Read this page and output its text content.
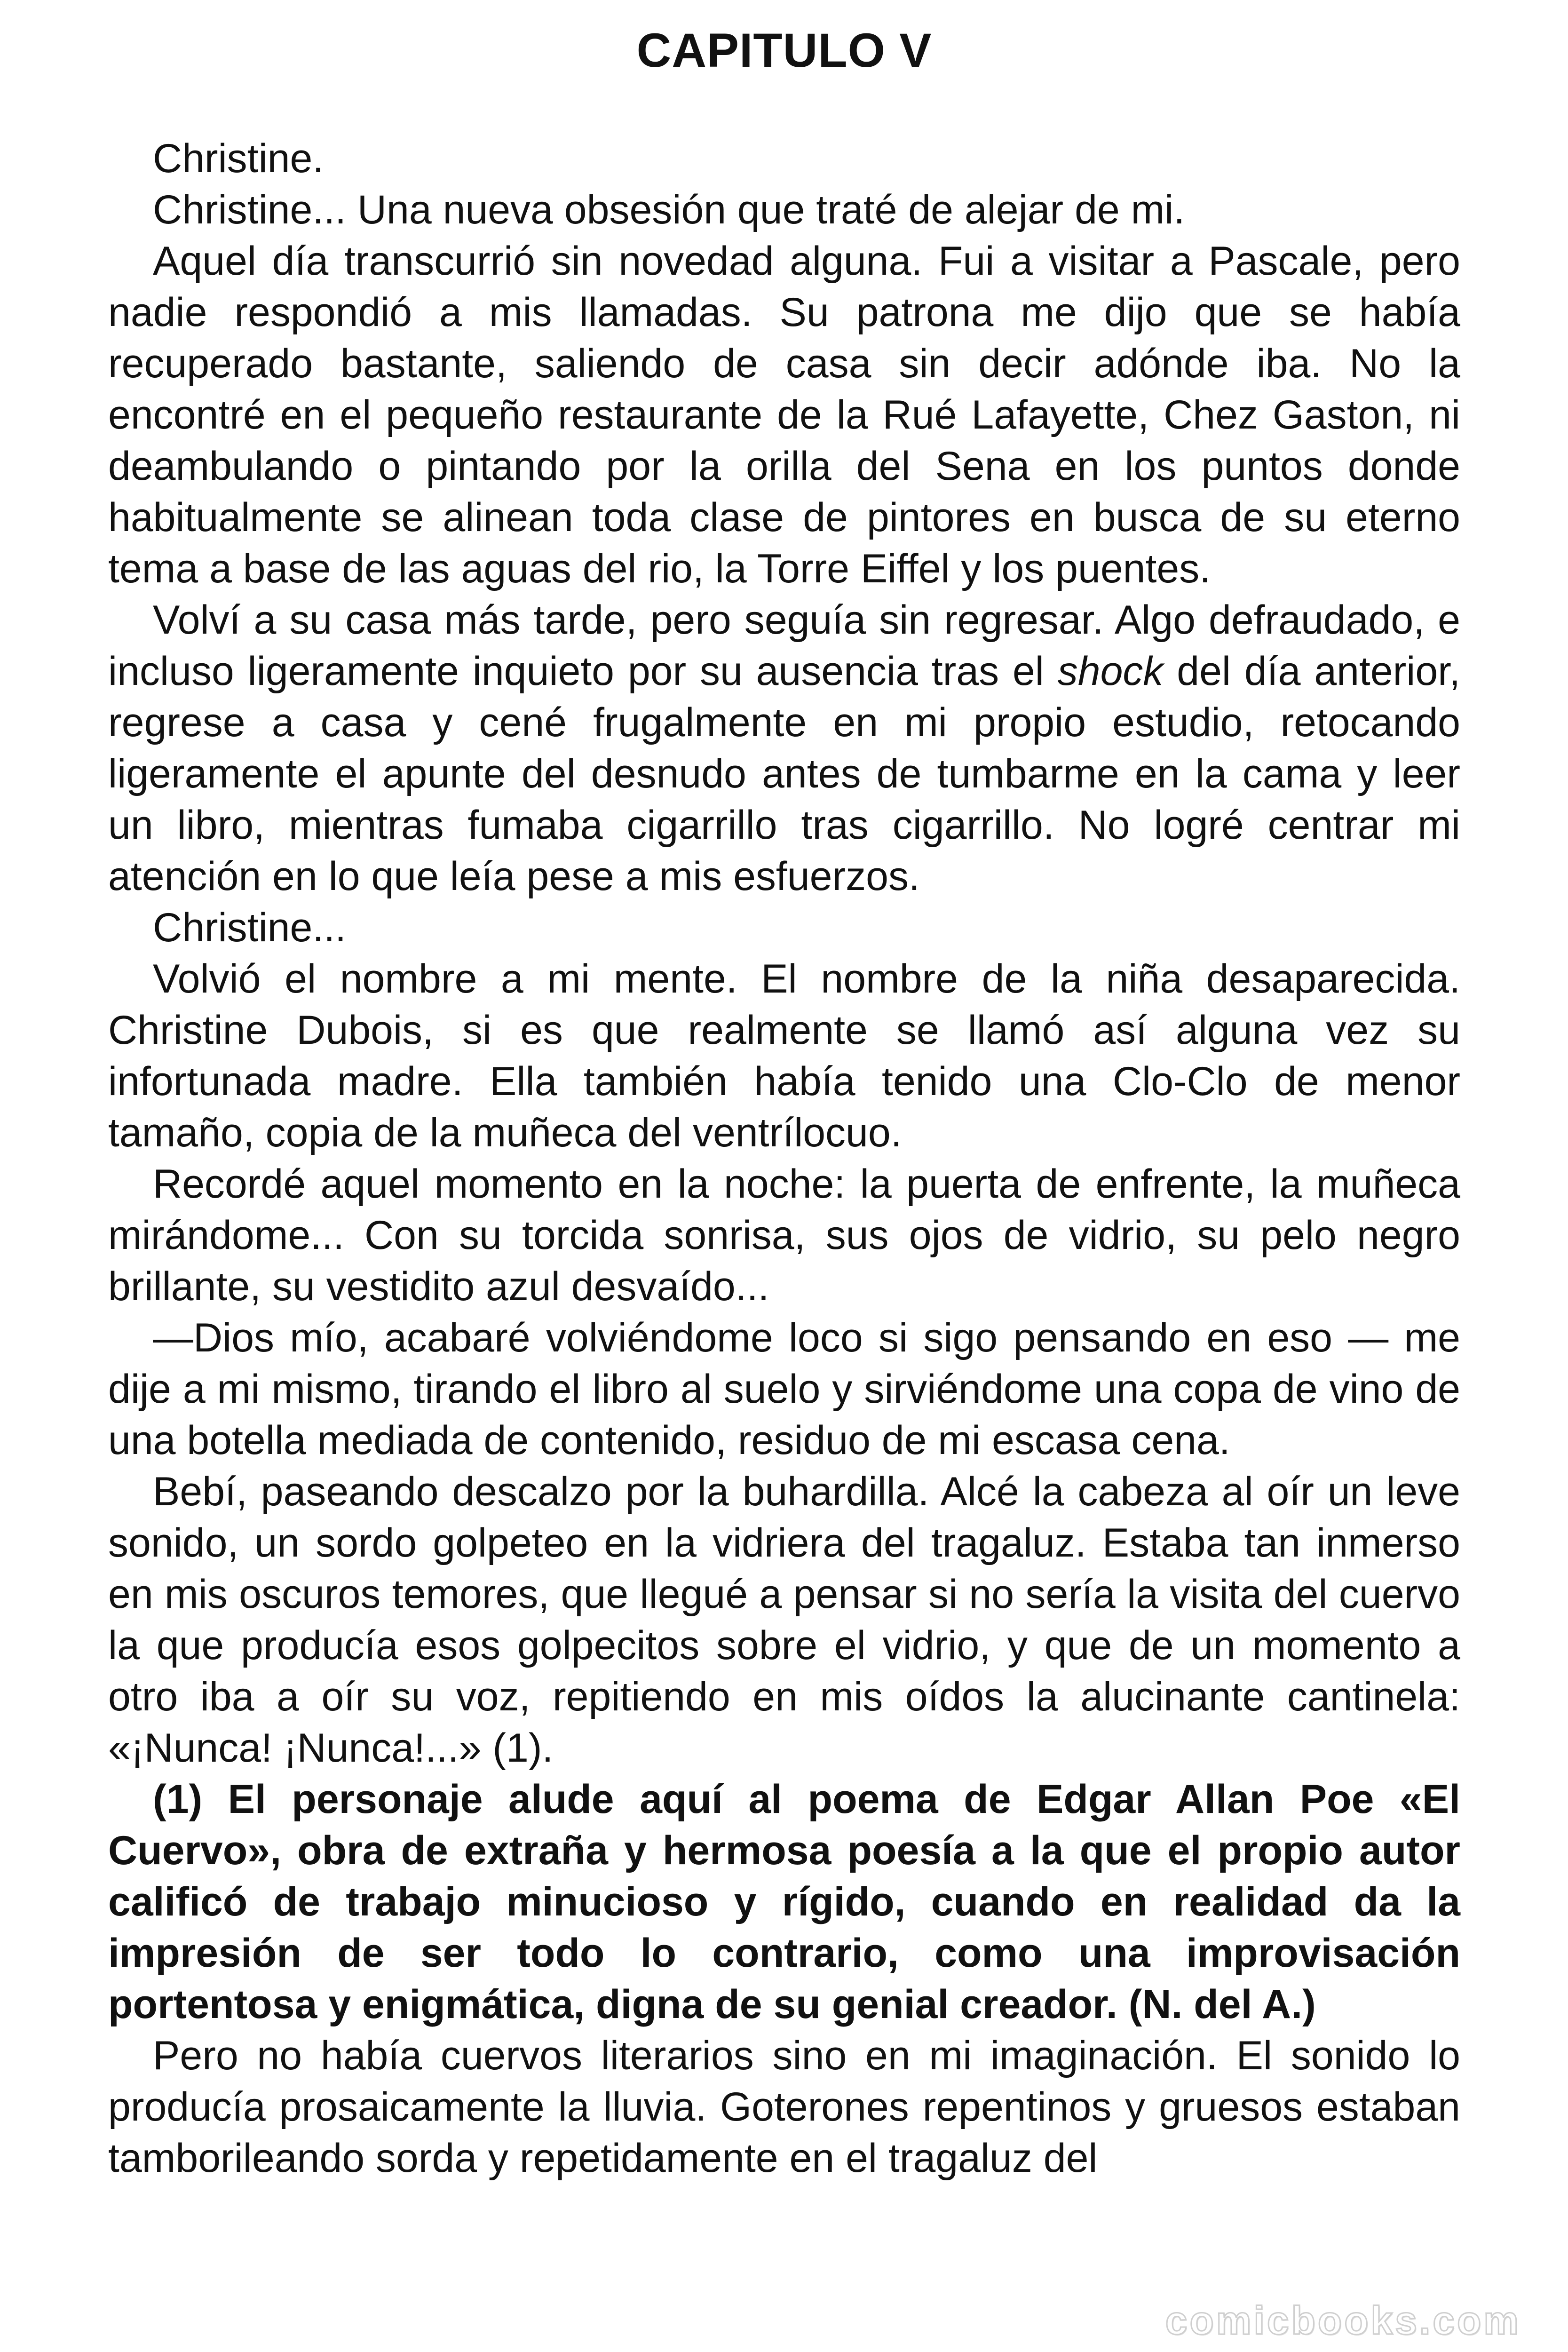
CAPITULO V

Christine.

Christine... Una nueva obsesión que traté de alejar de mi.

Aquel día transcurrió sin novedad alguna. Fui a visitar a Pascale, pero nadie respondió a mis llamadas. Su patrona me dijo que se había recuperado bastante, saliendo de casa sin decir adónde iba. No la encontré en el pequeño restaurante de la Rué Lafayette, Chez Gaston, ni deambulando o pintando por la orilla del Sena en los puntos donde habitualmente se alinean toda clase de pintores en busca de su eterno tema a base de las aguas del rio, la Torre Eiffel y los puentes.

Volví a su casa más tarde, pero seguía sin regresar. Algo defraudado, e incluso ligeramente inquieto por su ausencia tras el shock del día anterior, regrese a casa y cené frugalmente en mi propio estudio, retocando ligeramente el apunte del desnudo antes de tumbarme en la cama y leer un libro, mientras fumaba cigarrillo tras cigarrillo. No logré centrar mi atención en lo que leía pese a mis esfuerzos.

Christine...

Volvió el nombre a mi mente. El nombre de la niña desaparecida. Christine Dubois, si es que realmente se llamó así alguna vez su infortunada madre. Ella también había tenido una Clo-Clo de menor tamaño, copia de la muñeca del ventrílocuo.

Recordé aquel momento en la noche: la puerta de enfrente, la muñeca mirándome... Con su torcida sonrisa, sus ojos de vidrio, su pelo negro brillante, su vestidito azul desvaído...

—Dios mío, acabaré volviéndome loco si sigo pensando en eso — me dije a mi mismo, tirando el libro al suelo y sirviéndome una copa de vino de una botella mediada de contenido, residuo de mi escasa cena.

Bebí, paseando descalzo por la buhardilla. Alcé la cabeza al oír un leve sonido, un sordo golpeteo en la vidriera del tragaluz. Estaba tan inmerso en mis oscuros temores, que llegué a pensar si no sería la visita del cuervo la que producía esos golpecitos sobre el vidrio, y que de un momento a otro iba a oír su voz, repitiendo en mis oídos la alucinante cantinela: «¡Nunca! ¡Nunca!...» (1).

(1) El personaje alude aquí al poema de Edgar Allan Poe «El Cuervo», obra de extraña y hermosa poesía a la que el propio autor calificó de trabajo minucioso y rígido, cuando en realidad da la impresión de ser todo lo contrario, como una improvisación portentosa y enigmática, digna de su genial creador. (N. del A.)

Pero no había cuervos literarios sino en mi imaginación. El sonido lo producía prosaicamente la lluvia. Goterones repentinos y gruesos estaban tamborileando sorda y repetidamente en el tragaluz del

comicbooks.com
